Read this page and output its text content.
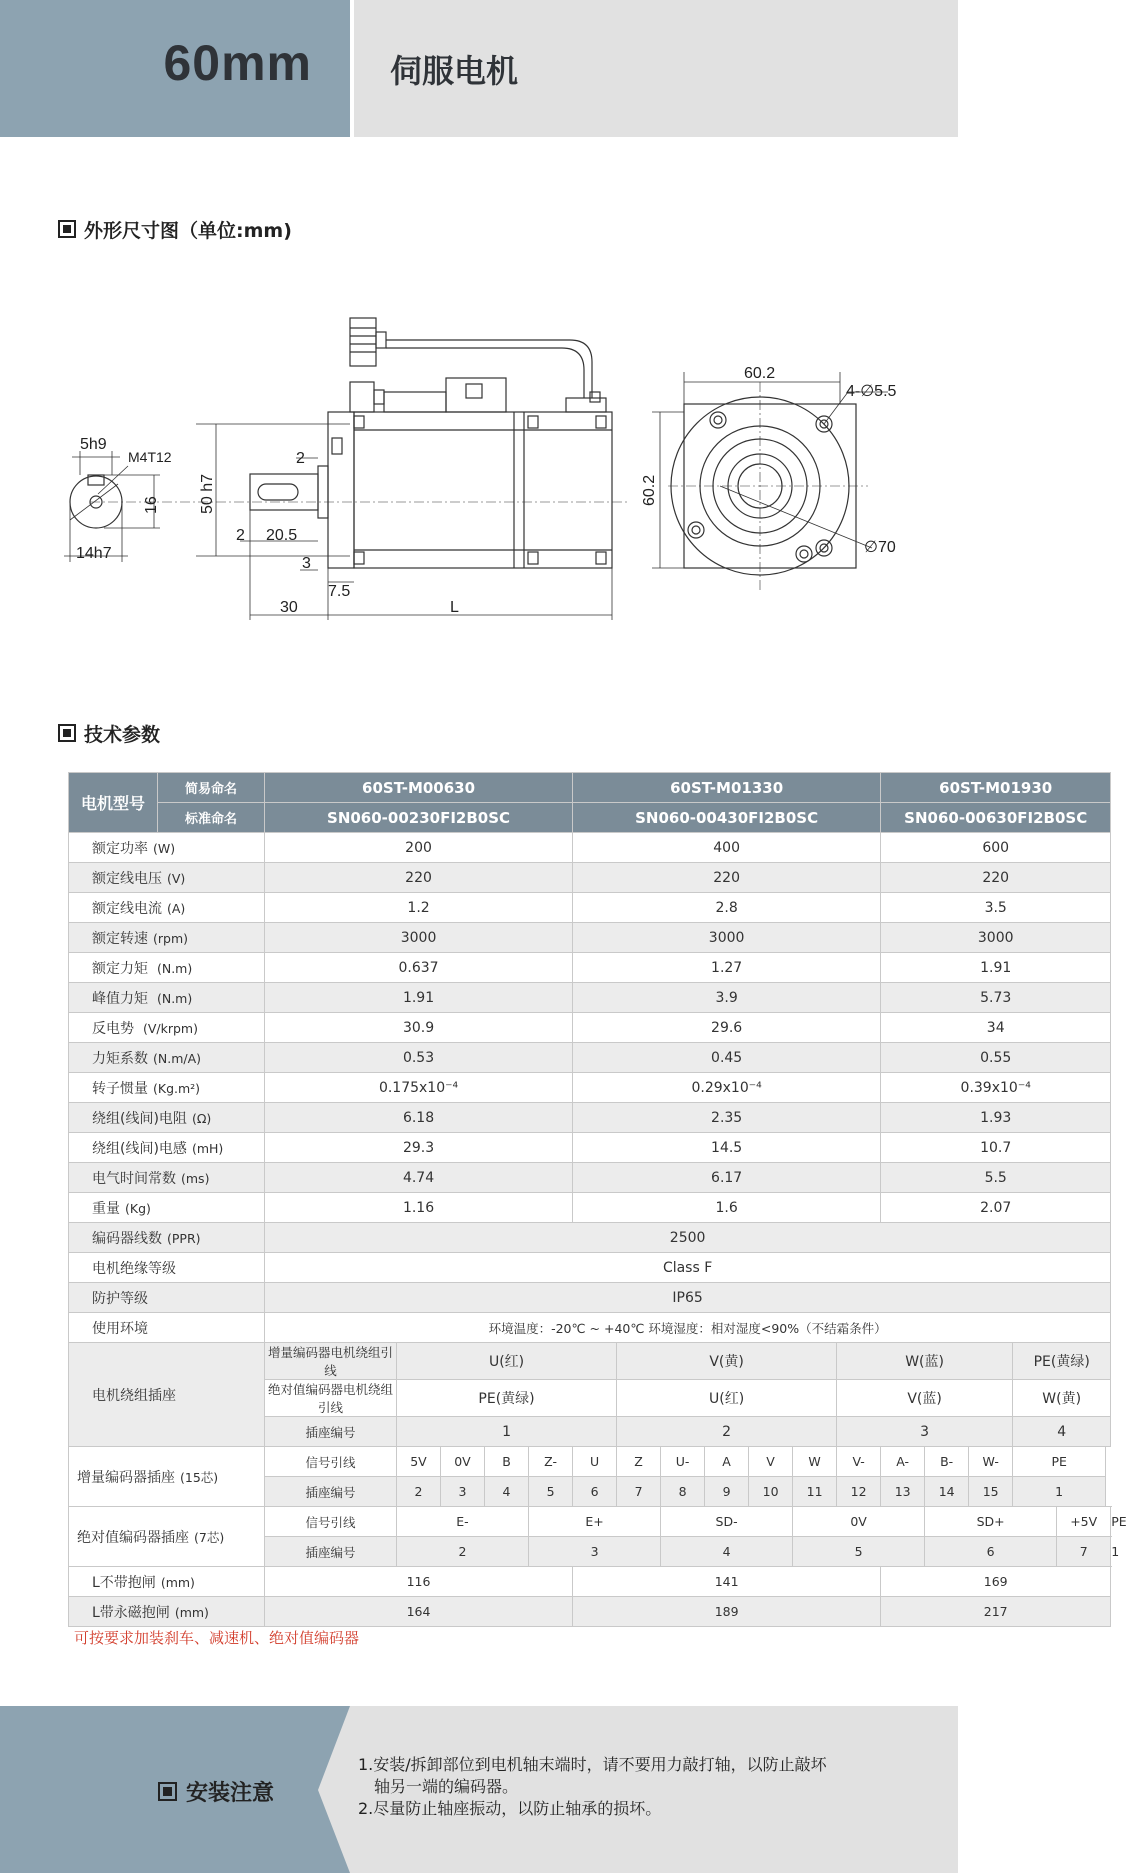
60mm 伺服电机
外形尺寸图（单位:mm)
5h9
M4T12
16
14h7
50 h7
2
2 20.5
3
7.5
30	L
60.2
60.2
4-∅5.5
∅70
技术参数
电机型号	简易命名	60ST-M00630					60ST-M01330							60ST-M01930					
	标准命名	SN060-00230FI2B0SC					SN060-00430FI2B0SC							SN060-00630FI2B0SC					
额定功率 (W)		200					400							600					
额定线电压 (V)		220					220							220					
额定线电流 (A)		1.2					2.8							3.5					
额定转速 (rpm)		3000					3000							3000					
额定力矩 (N.m)		0.637					1.27							1.91					
峰值力矩 (N.m)		1.91					3.9							5.73					
反电势 (V/krpm)		30.9					29.6							34					
力矩系数 (N.m/A)		0.53					0.45							0.55					
转子惯量 (Kg.m²)		0.175x10⁻⁴					0.29x10⁻⁴							0.39x10⁻⁴					
绕组(线间)电阻 (Ω)		6.18					2.35							1.93					
绕组(线间)电感 (mH)		29.3					14.5							10.7					
电气时间常数 (ms)		4.74					6.17							5.5					
重量 (Kg)		1.16					1.6							2.07					
编码器线数 (PPR)		2500																	
电机绝缘等级		Class F																	
防护等级		IP65																	
使用环境		环境温度：-20℃ ~ +40℃ 环境湿度：相对湿度<90%（不结霜条件）																	
电机绕组插座		增量编码器电机绕组引线	U(红)					V(黄)					W(蓝)				PE(黄绿)		
		绝对值编码器电机绕组引线	PE(黄绿)					U(红)					V(蓝)				W(黄)		
		插座编号	1					2					3				4		
增量编码器插座 (15芯)		信号引线	5V	0V	B	Z-	U	Z	U-	A	V	W	V-	A-	B-	W-	PE		
		插座编号	2	3	4	5	6	7	8	9	10	11	12	13	14	15	1		
绝对值编码器插座 (7芯)		信号引线	E-			E+			SD-			0V			SD+			+5V	PE
		插座编号	2			3			4			5			6			7	1
L不带抱闸 (mm)		116					141							169					
L带永磁抱闸 (mm)		164					189							217					
可按要求加装刹车、减速机、绝对值编码器
安装注意
1.安装/拆卸部位到电机轴末端时，请不要用力敲打轴，以防止敲坏
轴另一端的编码器。
2.尽量防止轴座振动，以防止轴承的损坏。
